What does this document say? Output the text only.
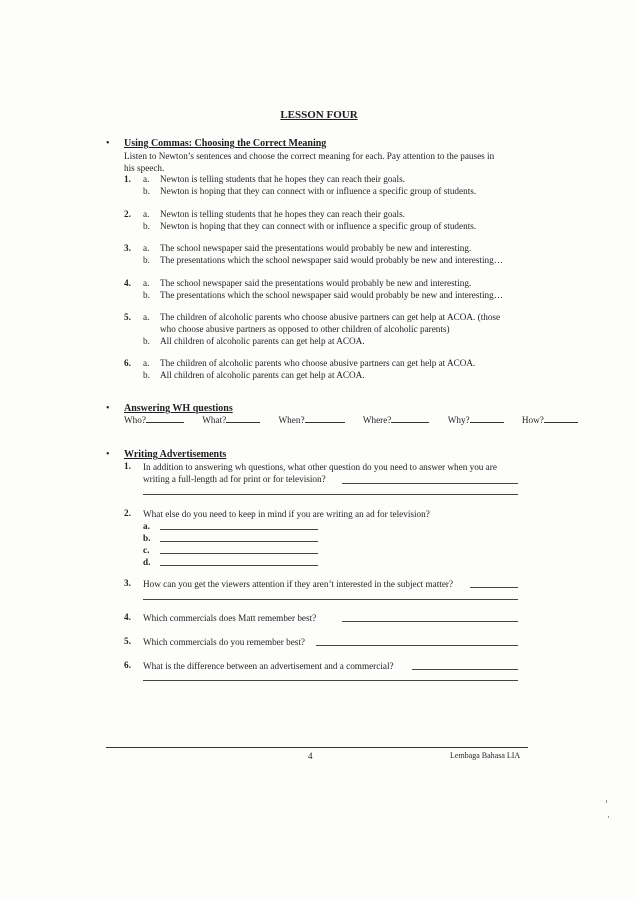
LESSON FOUR
• Using Commas: Choosing the Correct Meaning
Listen to Newton’s sentences and choose the correct meaning for each. Pay attention to the pauses in
his speech.
1. a. Newton is telling students that he hopes they can reach their goals.
b. Newton is hoping that they can connect with or influence a specific group of students.
2. a. Newton is telling students that he hopes they can reach their goals.
b. Newton is hoping that they can connect with or influence a specific group of students.
3. a. The school newspaper said the presentations would probably be new and interesting.
b. The presentations which the school newspaper said would probably be new and interesting…
4. a. The school newspaper said the presentations would probably be new and interesting.
b. The presentations which the school newspaper said would probably be new and interesting…
5. a. The children of alcoholic parents who choose abusive partners can get help at ACOA. (those
who choose abusive partners as opposed to other children of alcoholic parents)
b. All children of alcoholic parents can get help at ACOA.
6. a. The children of alcoholic parents who choose abusive partners can get help at ACOA.
b. All children of alcoholic parents can get help at ACOA.
• Answering WH questions
Who?	What?	When?	Where?	Why?	How?
• Writing Advertisements
1. In addition to answering wh questions, what other question do you need to answer when you are
writing a full-length ad for print or for television?
2. What else do you need to keep in mind if you are writing an ad for television?
a.
b.
c.
d.
3. How can you get the viewers attention if they aren’t interested in the subject matter?
4. Which commercials does Matt remember best?
5. Which commercials do you remember best?
6. What is the difference between an advertisement and a commercial?
4	Lembaga Bahasa LIA
